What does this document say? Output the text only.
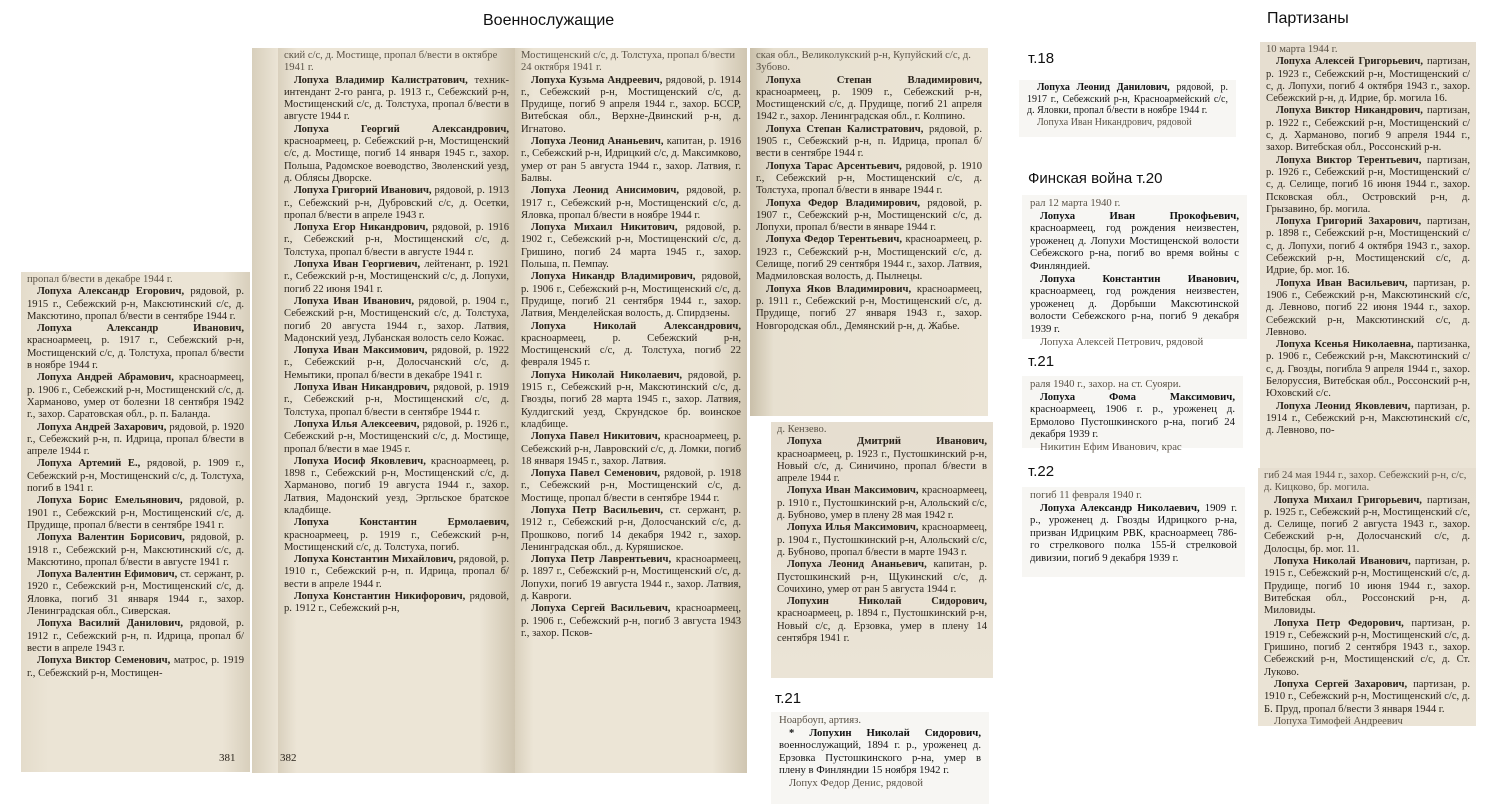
Военнослужащие	Партизаны
т.18
Финская война т.20
т.21
т.22
т.21
пропал б/вести в декабре 1944 г.
Лопуха Александр Егорович, рядовой, р. 1915 г., Себежский р-н, Максютинский с/с, д. Максютино, пропал б/вести в сентябре 1944 г.
Лопуха Александр Иванович, красноармеец, р. 1917 г., Себежский р-н, Мостищенский с/с, д. Толстуха, пропал б/вести в ноябре 1944 г.
Лопуха Андрей Абрамович, красноармеец, р. 1906 г., Себежский р-н, Мостищенский с/с, д. Харманово, умер от болезни 18 сентября 1942 г., захор. Саратовская обл., р. п. Баланда.
Лопуха Андрей Захарович, рядовой, р. 1920 г., Себежский р-н, п. Идрица, пропал б/вести в апреле 1944 г.
Лопуха Артемий Е., рядовой, р. 1909 г., Себежский р-н, Мостищенский с/с, д. Толстуха, погиб в 1941 г.
Лопуха Борис Емельянович, рядовой, р. 1901 г., Себежский р-н, Мостищенский с/с, д. Прудище, пропал б/вести в сентябре 1941 г.
Лопуха Валентин Борисович, рядовой, р. 1918 г., Себежский р-н, Максютинский с/с, д. Максютино, пропал б/вести в августе 1941 г.
Лопуха Валентин Ефимович, ст. сержант, р. 1920 г., Себежский р-н, Мостищенский с/с, д. Яловка, погиб 31 января 1944 г., захор. Ленинградская обл., Сиверская.
Лопуха Василий Данилович, рядовой, р. 1912 г., Себежский р-н, п. Идрица, пропал б/вести в апреле 1943 г.
Лопуха Виктор Семенович, матрос, р. 1919 г., Себежский р-н, Мостищен-
381
ский с/с, д. Мостище, пропал б/вести в октябре 1941 г.
Лопуха Владимир Калистратович, техник-интендант 2-го ранга, р. 1913 г., Себежский р-н, Мостищенский с/с, д. Толстуха, пропал б/вести в августе 1944 г.
Лопуха Георгий Александрович, красноармеец, р. Себежский р-н, Мостищенский с/с, д. Мостище, погиб 14 января 1945 г., захор. Польша, Радомское воеводство, Зволенский уезд, д. Облясы Дворске.
Лопуха Григорий Иванович, рядовой, р. 1913 г., Себежский р-н, Дубровский с/с, д. Осетки, пропал б/вести в апреле 1943 г.
Лопуха Егор Никандрович, рядовой, р. 1916 г., Себежский р-н, Мостищенский с/с, д. Толстуха, пропал б/вести в августе 1944 г.
Лопуха Иван Георгиевич, лейтенант, р. 1921 г., Себежский р-н, Мостищенский с/с, д. Лопухи, погиб 22 июня 1941 г.
Лопуха Иван Иванович, рядовой, р. 1904 г., Себежский р-н, Мостищенский с/с, д. Толстуха, погиб 20 августа 1944 г., захор. Латвия, Мадонский уезд, Лубанская волость село Кожас.
Лопуха Иван Максимович, рядовой, р. 1922 г., Себежский р-н, Долосчанский с/с, д. Немытики, пропал б/вести в декабре 1941 г.
Лопуха Иван Никандрович, рядовой, р. 1919 г., Себежский р-н, Мостищенский с/с, д. Толстуха, пропал б/вести в сентябре 1944 г.
Лопуха Илья Алексеевич, рядовой, р. 1926 г., Себежский р-н, Мостищенский с/с, д. Мостище, пропал б/вести в мае 1945 г.
Лопуха Иосиф Яковлевич, красноармеец, р. 1898 г., Себежский р-н, Мостищенский с/с, д. Харманово, погиб 19 августа 1944 г., захор. Латвия, Мадонский уезд, Эргльское братское кладбище.
Лопуха Константин Ермолаевич, красноармеец, р. 1919 г., Себежский р-н, Мостищенский с/с, д. Толстуха, погиб.
Лопуха Константин Михайлович, рядовой, р. 1910 г., Себежский р-н, п. Идрица, пропал б/вести в апреле 1944 г.
Лопуха Константин Никифорович, рядовой, р. 1912 г., Себежский р-н,
Мостищенский с/с, д. Толстуха, пропал б/вести 24 октября 1941 г.
Лопуха Кузьма Андреевич, рядовой, р. 1914 г., Себежский р-н, Мостищенский с/с, д. Прудище, погиб 9 апреля 1944 г., захор. БССР, Витебская обл., Верхне-Двинский р-н, д. Игнатово.
Лопуха Леонид Ананьевич, капитан, р. 1916 г., Себежский р-н, Идрицкий с/с, д. Максимково, умер от ран 5 августа 1944 г., захор. Латвия, г. Балвы.
Лопуха Леонид Анисимович, рядовой, р. 1917 г., Себежский р-н, Мостищенский с/с, д. Яловка, пропал б/вести в ноябре 1944 г.
Лопуха Михаил Никитович, рядовой, р. 1902 г., Себежский р-н, Мостищенский с/с, д. Гришино, погиб 24 марта 1945 г., захор. Польша, п. Пемпау.
Лопуха Никандр Владимирович, рядовой, р. 1906 г., Себежский р-н, Мостищенский с/с, д. Прудище, погиб 21 сентября 1944 г., захор. Латвия, Менделейская волость, д. Спирдзены.
Лопуха Николай Александрович, красноармеец, р. Себежский р-н, Мостищенский с/с, д. Толстуха, погиб 22 февраля 1945 г.
Лопуха Николай Николаевич, рядовой, р. 1915 г., Себежский р-н, Максютинский с/с, д. Гвозды, погиб 28 марта 1945 г., захор. Латвия, Кулдигский уезд, Скрундское бр. воинское кладбище.
Лопуха Павел Никитович, красноармеец, р. Себежский р-н, Лавровский с/с, д. Ломки, погиб 18 января 1945 г., захор. Латвия.
Лопуха Павел Семенович, рядовой, р. 1918 г., Себежский р-н, Мостищенский с/с, д. Мостище, пропал б/вести в сентябре 1944 г.
Лопуха Петр Васильевич, ст. сержант, р. 1912 г., Себежский р-н, Долосчанский с/с, д. Прошково, погиб 14 декабря 1942 г., захор. Ленинградская обл., д. Куряшиское.
Лопуха Петр Лаврентьевич, красноармеец, р. 1897 г., Себежский р-н, Мостищенский с/с, д. Лопухи, погиб 19 августа 1944 г., захор. Латвия, д. Кавроги.
Лопуха Сергей Васильевич, красноармеец, р. 1906 г., Себежский р-н, погиб 3 августа 1943 г., захор. Псков-
382
ская обл., Великолукский р-н, Купуйский с/с, д. Зубово.
Лопуха Степан Владимирович, красноармеец, р. 1909 г., Себежский р-н, Мостищенский с/с, д. Прудище, погиб 21 апреля 1942 г., захор. Ленинградская обл., г. Колпино.
Лопуха Степан Калистратович, рядовой, р. 1905 г., Себежский р-н, п. Идрица, пропал б/вести в сентябре 1944 г.
Лопуха Тарас Арсентьевич, рядовой, р. 1910 г., Себежский р-н, Мостищенский с/с, д. Толстуха, пропал б/вести в январе 1944 г.
Лопуха Федор Владимирович, рядовой, р. 1907 г., Себежский р-н, Мостищенский с/с, д. Лопухи, пропал б/вести в январе 1944 г.
Лопуха Федор Терентьевич, красноармеец, р. 1923 г., Себежский р-н, Мостищенский с/с, д. Селище, погиб 29 сентября 1944 г., захор. Латвия, Мадмиловская волость, д. Пылнецы.
Лопуха Яков Владимирович, красноармеец, р. 1911 г., Себежский р-н, Мостищенский с/с, д. Прудище, погиб 27 января 1943 г., захор. Новгородская обл., Демянский р-н, д. Жабье.
д. Кензево.
Лопуха Дмитрий Иванович, красноармеец, р. 1923 г., Пустошкинский р-н, Новый с/с, д. Синичино, пропал б/вести в апреле 1944 г.
Лопуха Иван Максимович, красноармеец, р. 1910 г., Пустошкинский р-н, Алольский с/с, д. Бубново, умер в плену 28 мая 1942 г.
Лопуха Илья Максимович, красноармеец, р. 1904 г., Пустошкинский р-н, Алольский с/с, д. Бубново, пропал б/вести в марте 1943 г.
Лопуха Леонид Ананьевич, капитан, р. Пустошкинский р-н, Щукинский с/с, д. Сочихино, умер от ран 5 августа 1944 г.
Лопухин Николай Сидорович, красноармеец, р. 1894 г., Пустошкинский р-н, Новый с/с, д. Ерзовка, умер в плену 14 сентября 1941 г.
Лопуха Леонид Данилович, рядовой, р. 1917 г., Себежский р-н, Красноармейский с/с, д. Яловки, пропал б/вести в ноябре 1944 г.
Лопуха Иван Никандрович, рядовой
рал 12 марта 1940 г.
Лопуха Иван Прокофьевич, красноармеец, год рождения неизвестен, уроженец д. Лопухи Мостищенской волости Себежского р-на, погиб во время войны с Финляндией.
Лопуха Константин Иванович, красноармеец, год рождения неизвестен, уроженец д. Дорбыши Максютинской волости Себежского р-на, погиб 9 декабря 1939 г.
Лопуха Алексей Петрович, рядовой
раля 1940 г., захор. на ст. Суояри.
Лопуха Фома Максимович, красноармеец, 1906 г. р., уроженец д. Ермолово Пустошкинского р-на, погиб 24 декабря 1939 г.
Никитин Ефим Иванович, крас
погиб 11 февраля 1940 г.
Лопуха Александр Николаевич, 1909 г. р., уроженец д. Гвозды Идрицкого р-на, призван Идрицким РВК, красноармеец 786-го стрелкового полка 155-й стрелковой дивизии, погиб 9 декабря 1939 г.
Ноарбоуп, артияз.
* Лопухин Николай Сидорович, военнослужащий, 1894 г. р., уроженец д. Ерзовка Пустошкинского р-на, умер в плену в Финляндии 15 ноября 1942 г.
Лопух Федор Денис, рядовой
10 марта 1944 г.
Лопуха Алексей Григорьевич, партизан, р. 1923 г., Себежский р-н, Мостищенский с/с, д. Лопухи, погиб 4 октября 1943 г., захор. Себежский р-н, д. Идрие, бр. могила 16.
Лопуха Виктор Никандрович, партизан, р. 1922 г., Себежский р-н, Мостищенский с/с, д. Харманово, погиб 9 апреля 1944 г., захор. Витебская обл., Россонский р-н.
Лопуха Виктор Терентьевич, партизан, р. 1926 г., Себежский р-н, Мостищенский с/с, д. Селище, погиб 16 июня 1944 г., захор. Псковская обл., Островский р-н, д. Грызавино, бр. могила.
Лопуха Григорий Захарович, партизан, р. 1898 г., Себежский р-н, Мостищенский с/с, д. Лопухи, погиб 4 октября 1943 г., захор. Себежский р-н, Мостищенский с/с, д. Идрие, бр. мог. 16.
Лопуха Иван Васильевич, партизан, р. 1906 г., Себежский р-н, Максютинский с/с, д. Левново, погиб 22 июня 1944 г., захор. Себежский р-н, Максютинский с/с, д. Левново.
Лопуха Ксенья Николаевна, партизанка, р. 1906 г., Себежский р-н, Максютинский с/с, д. Гвозды, погибла 9 апреля 1944 г., захор. Белоруссия, Витебская обл., Россонский р-н, Юховский с/с.
Лопуха Леонид Яковлевич, партизан, р. 1914 г., Себежский р-н, Максютинский с/с, д. Левново, по-
гиб 24 мая 1944 г., захор. Себежский р-н, с/с, д. Кицково, бр. могила.
Лопуха Михаил Григорьевич, партизан, р. 1925 г., Себежский р-н, Мостищенский с/с, д. Селище, погиб 2 августа 1943 г., захор. Себежский р-н, Долосчанский с/с, д. Долосцы, бр. мог. 11.
Лопуха Николай Иванович, партизан, р. 1915 г., Себежский р-н, Мостищенский с/с, д. Прудище, погиб 10 июня 1944 г., захор. Витебская обл., Россонский р-н, д. Миловиды.
Лопуха Петр Федорович, партизан, р. 1919 г., Себежский р-н, Мостищенский с/с, д. Гришино, погиб 2 сентября 1943 г., захор. Себежский р-н, Мостищенский с/с, д. Ст. Луково.
Лопуха Сергей Захарович, партизан, р. 1910 г., Себежский р-н, Мостищенский с/с, д. Б. Пруд, пропал б/вести 3 января 1944 г.
Лопуха Тимофей Андреевич
